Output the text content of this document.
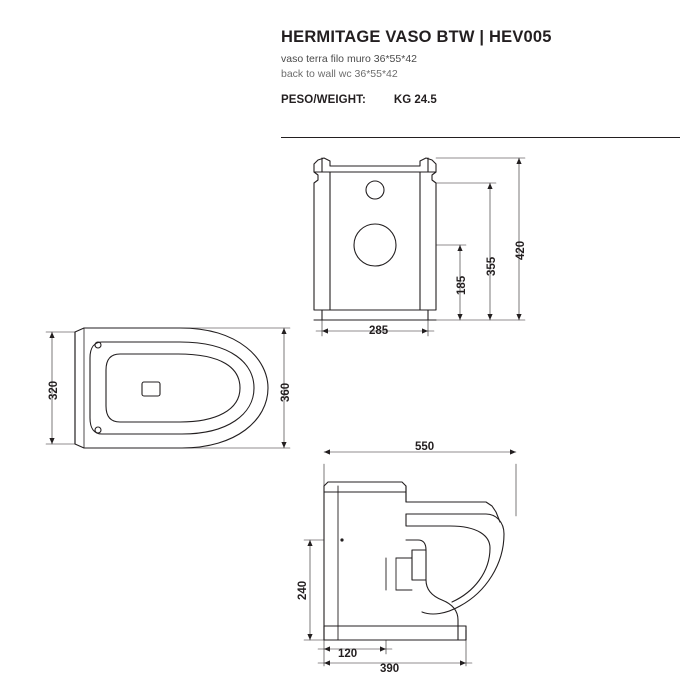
HERMITAGE VASO BTW | HEV005
vaso terra filo muro 36*55*42
back to wall wc 36*55*42
PESO/WEIGHT: KG 24.5
285
185
355
420
320	360
550
240
120
390
